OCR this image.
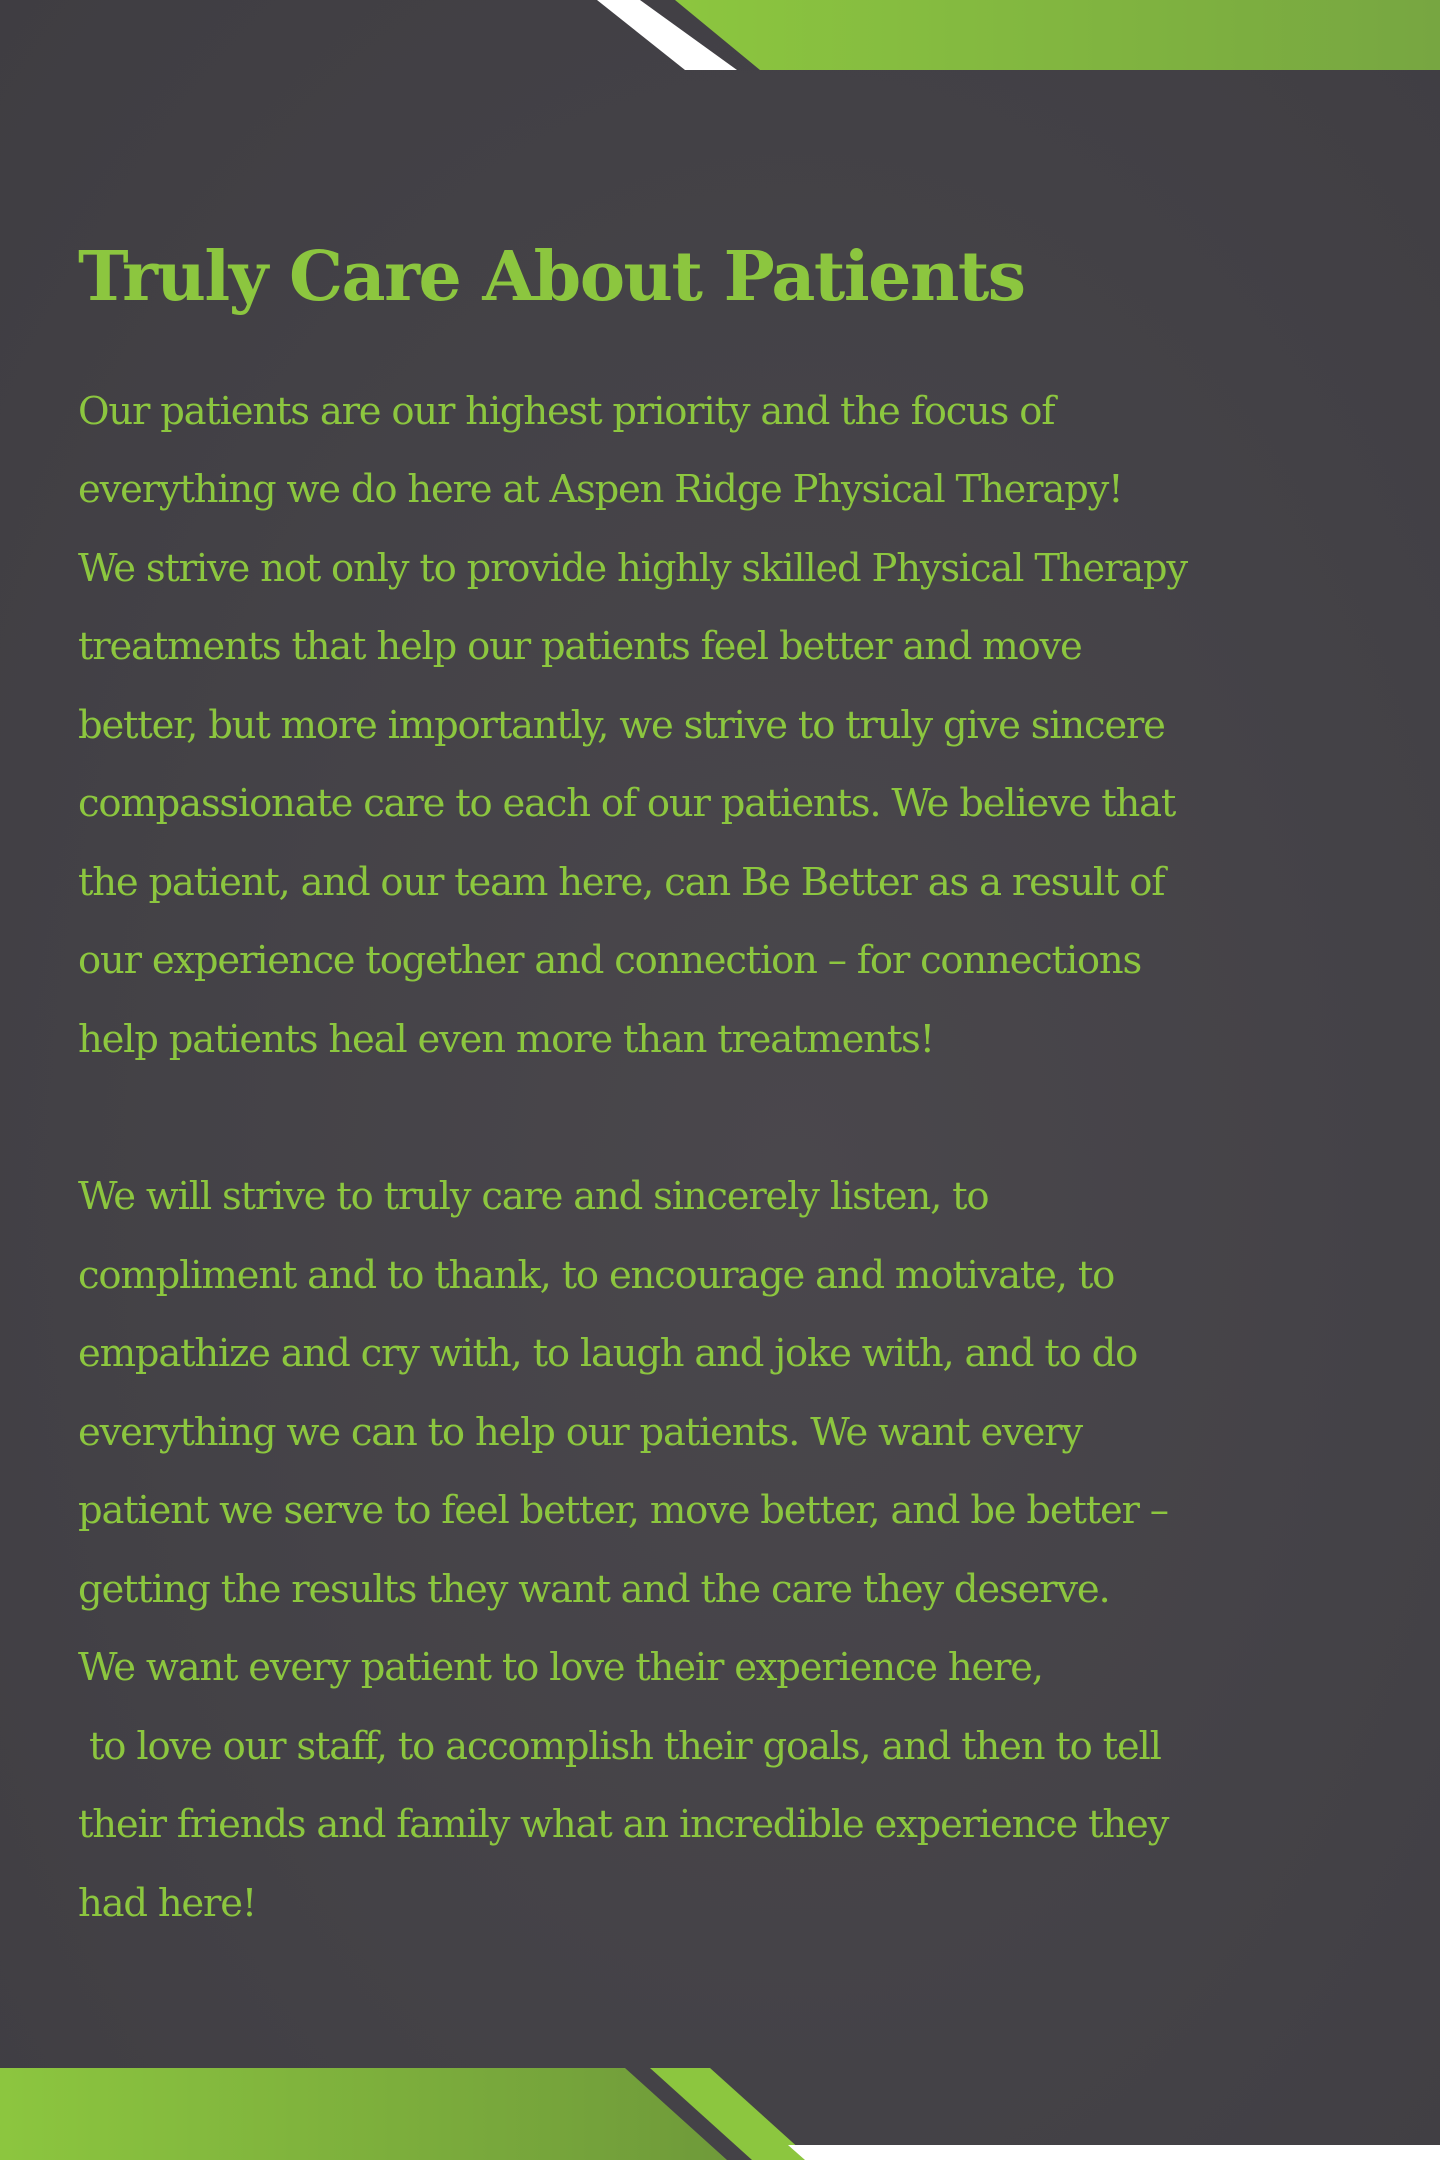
Truly Care About Patients
Our patients are our highest priority and the focus of
everything we do here at Aspen Ridge Physical Therapy!
We strive not only to provide highly skilled Physical Therapy
treatments that help our patients feel better and move
better, but more importantly, we strive to truly give sincere
compassionate care to each of our patients. We believe that
the patient, and our team here, can Be Better as a result of
our experience together and connection – for connections
help patients heal even more than treatments!
We will strive to truly care and sincerely listen, to
compliment and to thank, to encourage and motivate, to
empathize and cry with, to laugh and joke with, and to do
everything we can to help our patients. We want every
patient we serve to feel better, move better, and be better –
getting the results they want and the care they deserve.
We want every patient to love their experience here,
to love our staff, to accomplish their goals, and then to tell
their friends and family what an incredible experience they
had here!
